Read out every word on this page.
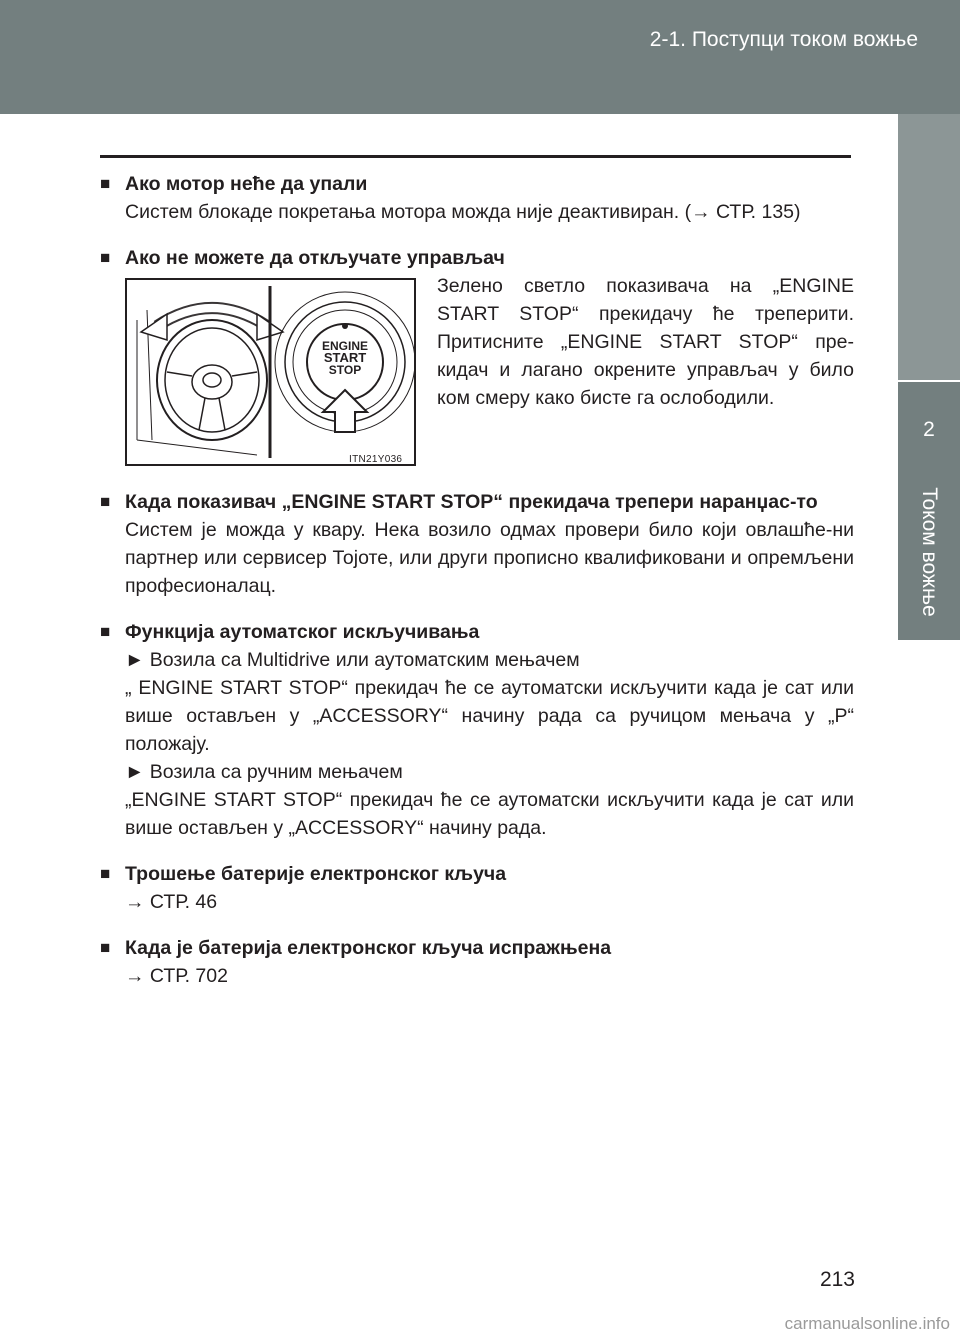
2-1. Поступци током вожње
2
Током вожње
■ Ако мотор неће да упали

Систем блокаде покретања мотора можда није деактивиран. (→ СТР. 135)

■ Ако не можете да откључате управљач
ENGINE
START
STOP
ITN21Y036
Зелено светло показивача на „ENGINE START STOP“ прекидачу ће треперити. Притисните „ENGINE START STOP“ пре-кидач и лагано окрените управљач у било ком смеру како бисте га ослободили.
■ Када показивач „ENGINE START STOP“ прекидача трепери наранџас-то

Систем је можда у квару. Нека возило одмах провери било који овлашће-ни партнер или сервисер Тојоте, или други прописно квалификовани и опремљени професионалац.

■ Функција аутоматског искључивања

► Возила са Multidrive или аутоматским мењачем

„ ENGINE START STOP“ прекидач ће се аутоматски искључити када је сат или више остављен у „ACCESSORY“ начину рада са ручицом мењача у „P“ положају.

► Возила са ручним мењачем

„ENGINE START STOP“ прекидач ће се аутоматски искључити када је сат или више остављен у „ACCESSORY“ начину рада.

■ Трошење батерије електронског кључа

→ СТР. 46

■ Када је батерија електронског кључа испражњена

→ СТР. 702

213
carmanualsonline.info
